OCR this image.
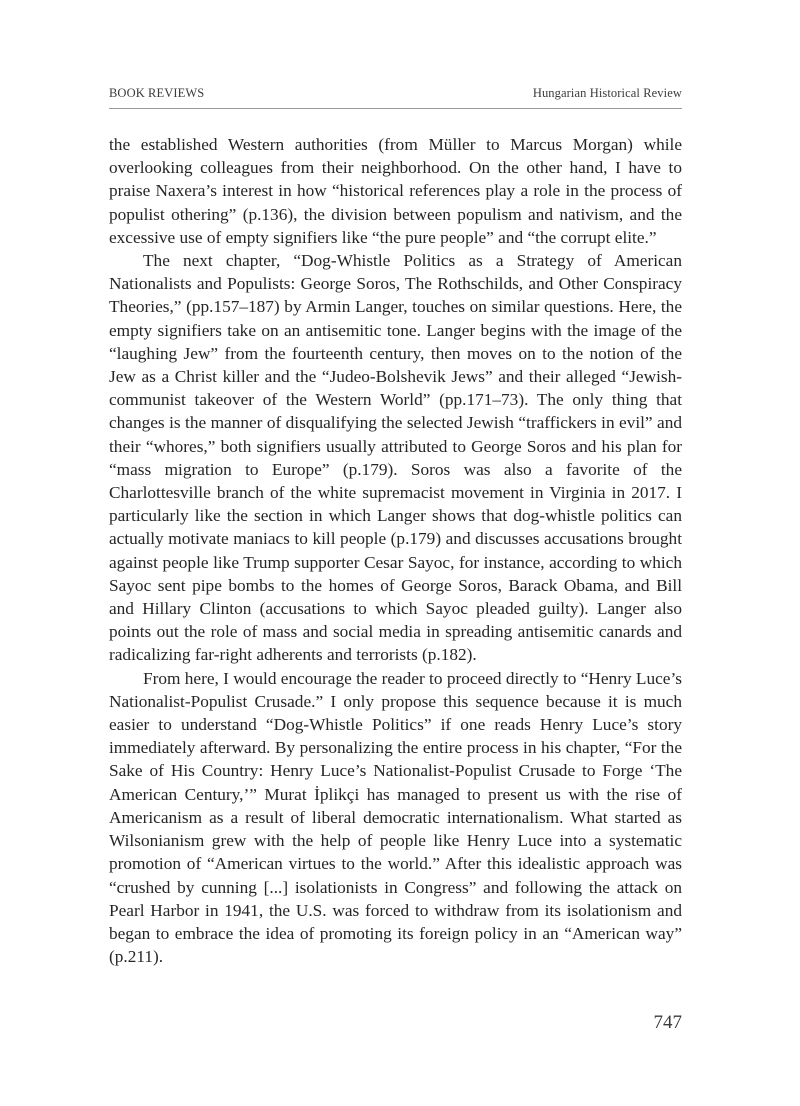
BOOK REVIEWS	Hungarian Historical Review

the established Western authorities (from Müller to Marcus Morgan) while overlooking colleagues from their neighborhood. On the other hand, I have to praise Naxera’s interest in how “historical references play a role in the process of populist othering” (p.136), the division between populism and nativism, and the excessive use of empty signifiers like “the pure people” and “the corrupt elite.”

The next chapter, “Dog-Whistle Politics as a Strategy of American Nationalists and Populists: George Soros, The Rothschilds, and Other Conspiracy Theories,” (pp.157–187) by Armin Langer, touches on similar questions. Here, the empty signifiers take on an antisemitic tone. Langer begins with the image of the “laughing Jew” from the fourteenth century, then moves on to the notion of the Jew as a Christ killer and the “Judeo-Bolshevik Jews” and their alleged “Jewish-communist takeover of the Western World” (pp.171–73). The only thing that changes is the manner of disqualifying the selected Jewish “traffickers in evil” and their “whores,” both signifiers usually attributed to George Soros and his plan for “mass migration to Europe” (p.179). Soros was also a favorite of the Charlottesville branch of the white supremacist movement in Virginia in 2017. I particularly like the section in which Langer shows that dog-whistle politics can actually motivate maniacs to kill people (p.179) and discusses accusations brought against people like Trump supporter Cesar Sayoc, for instance, according to which Sayoc sent pipe bombs to the homes of George Soros, Barack Obama, and Bill and Hillary Clinton (accusations to which Sayoc pleaded guilty). Langer also points out the role of mass and social media in spreading antisemitic canards and radicalizing far-right adherents and terrorists (p.182).

From here, I would encourage the reader to proceed directly to “Henry Luce’s Nationalist-Populist Crusade.” I only propose this sequence because it is much easier to understand “Dog-Whistle Politics” if one reads Henry Luce’s story immediately afterward. By personalizing the entire process in his chapter, “For the Sake of His Country: Henry Luce’s Nationalist-Populist Crusade to Forge ‘The American Century,’” Murat İplikçi has managed to present us with the rise of Americanism as a result of liberal democratic internationalism. What started as Wilsonianism grew with the help of people like Henry Luce into a systematic promotion of “American virtues to the world.” After this idealistic approach was “crushed by cunning [...] isolationists in Congress” and following the attack on Pearl Harbor in 1941, the U.S. was forced to withdraw from its isolationism and began to embrace the idea of promoting its foreign policy in an “American way” (p.211).

747
